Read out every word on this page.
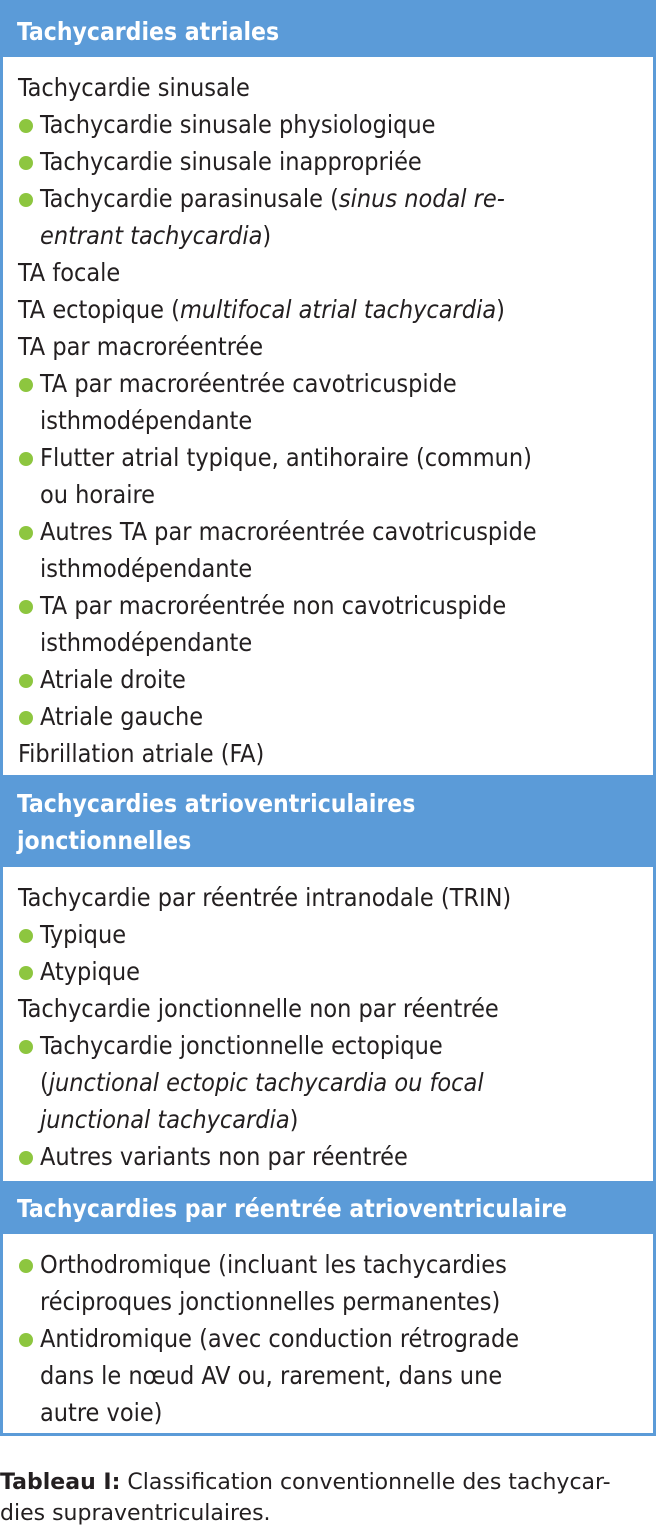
Tachycardies atriales
Tachycardie sinusale
Tachycardie sinusale physiologique
Tachycardie sinusale inappropriée
Tachycardie parasinusale (sinus nodal re-
entrant tachycardia)
TA focale
TA ectopique (multifocal atrial tachycardia)
TA par macroréentrée
TA par macroréentrée cavotricuspide
isthmodépendante
Flutter atrial typique, antihoraire (commun)
ou horaire
Autres TA par macroréentrée cavotricuspide
isthmodépendante
TA par macroréentrée non cavotricuspide
isthmodépendante
Atriale droite
Atriale gauche
Fibrillation atriale (FA)
Tachycardies atrioventriculaires
jonctionnelles
Tachycardie par réentrée intranodale (TRIN)
Typique
Atypique
Tachycardie jonctionnelle non par réentrée
Tachycardie jonctionnelle ectopique
(junctional ectopic tachycardia ou focal
junctional tachycardia)
Autres variants non par réentrée
Tachycardies par réentrée atrioventriculaire
Orthodromique (incluant les tachycardies
réciproques jonctionnelles permanentes)
Antidromique (avec conduction rétrograde
dans le nœud AV ou, rarement, dans une
autre voie)
Tableau I: Classification conventionnelle des tachycar-
dies supraventriculaires.
